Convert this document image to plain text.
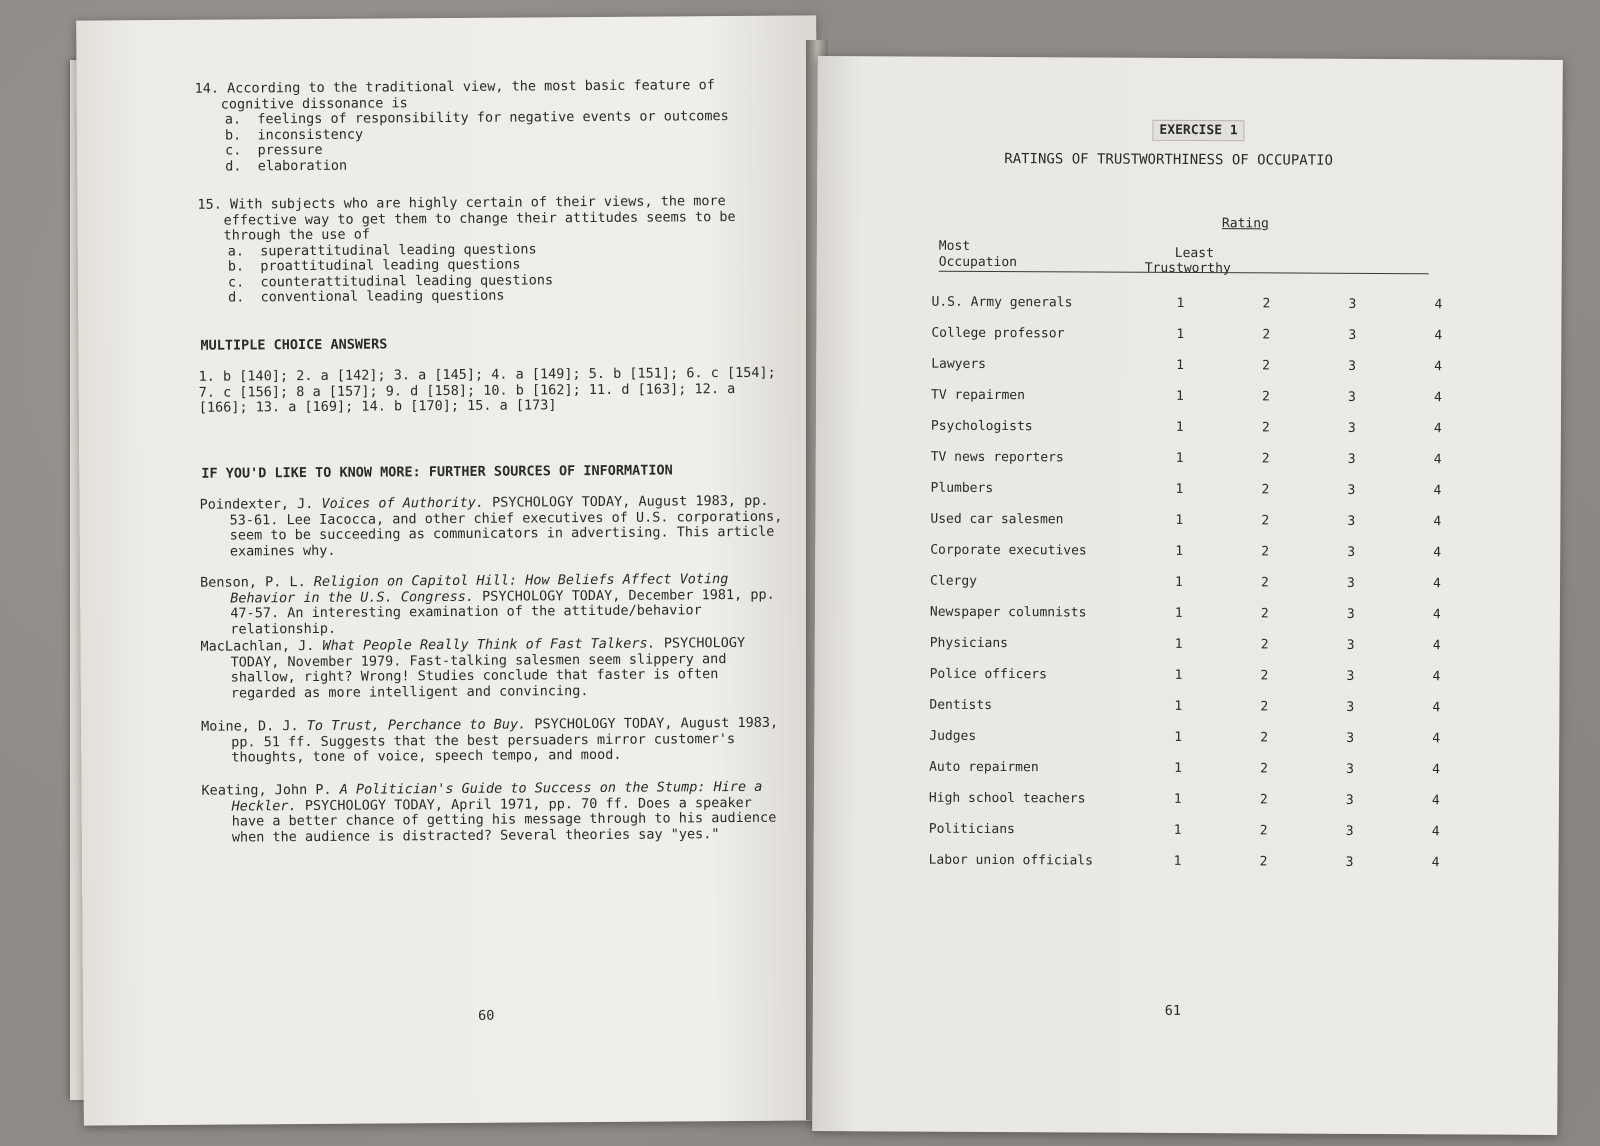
14. According to the traditional view, the most basic feature of cognitive dissonance is

a.  feelings of responsibility for negative events or outcomes

b.  inconsistency

c.  pressure

d.  elaboration

15. With subjects who are highly certain of their views, the more effective way to get them to change their attitudes seems to be through the use of

a.  superattitudinal leading questions

b.  proattitudinal leading questions

c.  counterattitudinal leading questions

d.  conventional leading questions

MULTIPLE CHOICE ANSWERS

1. b [140]; 2. a [142]; 3. a [145]; 4. a [149]; 5. b [151]; 6. c [154]; 7. c [156]; 8 a [157]; 9. d [158]; 10. b [162]; 11. d [163]; 12. a [166]; 13. a [169]; 14. b [170]; 15. a [173]

IF YOU'D LIKE TO KNOW MORE: FURTHER SOURCES OF INFORMATION

Poindexter, J. Voices of Authority. PSYCHOLOGY TODAY, August 1983, pp. 53-61. Lee Iacocca, and other chief executives of U.S. corporations, seem to be succeeding as communicators in advertising. This article examines why.

Benson, P. L. Religion on Capitol Hill: How Beliefs Affect Voting Behavior in the U.S. Congress. PSYCHOLOGY TODAY, December 1981, pp. 47-57. An interesting examination of the attitude/behavior relationship.

MacLachlan, J. What People Really Think of Fast Talkers. PSYCHOLOGY TODAY, November 1979. Fast-talking salesmen seem slippery and shallow, right? Wrong! Studies conclude that faster is often regarded as more intelligent and convincing.

Moine, D. J. To Trust, Perchance to Buy. PSYCHOLOGY TODAY, August 1983, pp. 51 ff. Suggests that the best persuaders mirror customer's thoughts, tone of voice, speech tempo, and mood.

Keating, John P. A Politician's Guide to Success on the Stump: Hire a Heckler. PSYCHOLOGY TODAY, April 1971, pp. 70 ff. Does a speaker have a better chance of getting his message through to his audience when the audience is distracted? Several theories say "yes."

60
EXERCISE 1
RATINGS OF TRUSTWORTHINESS OF OCCUPATIO
Rating
Most
Occupation
Least
Trustworthy
U.S. Army generals	1	2	3	4
College professor	1	2	3	4
Lawyers	1	2	3	4
TV repairmen	1	2	3	4
Psychologists	1	2	3	4
TV news reporters	1	2	3	4
Plumbers	1	2	3	4
Used car salesmen	1	2	3	4
Corporate executives	1	2	3	4
Clergy	1	2	3	4
Newspaper columnists	1	2	3	4
Physicians	1	2	3	4
Police officers	1	2	3	4
Dentists	1	2	3	4
Judges	1	2	3	4
Auto repairmen	1	2	3	4
High school teachers	1	2	3	4
Politicians	1	2	3	4
Labor union officials	1	2	3	4
61
